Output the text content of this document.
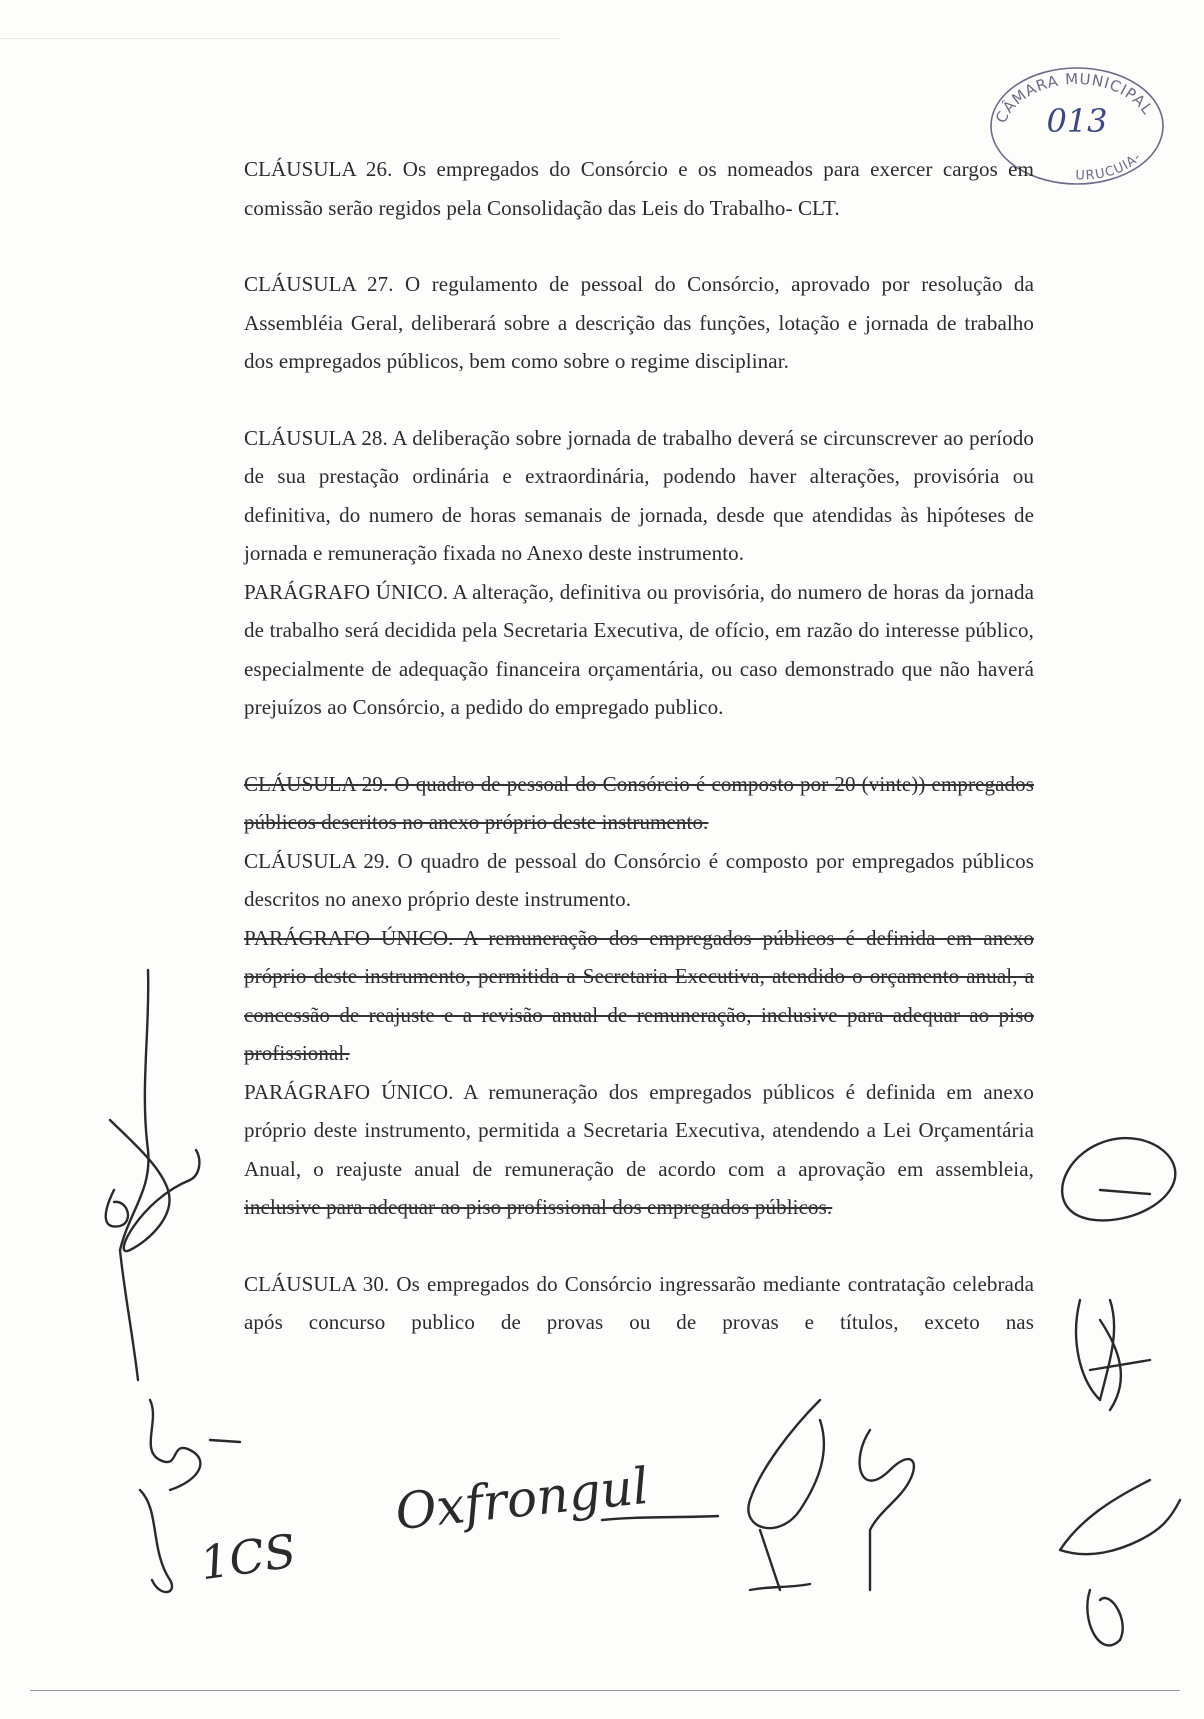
CÂMARA MUNICIPAL
URUCUIA-
013

CLÁUSULA 26. Os empregados do Consórcio e os nomeados para exercer cargos em comissão serão regidos pela Consolidação das Leis do Trabalho- CLT.

CLÁUSULA 27. O regulamento de pessoal do Consórcio, aprovado por resolução da Assembléia Geral, deliberará sobre a descrição das funções, lotação e jornada de trabalho dos empregados públicos, bem como sobre o regime disciplinar.

CLÁUSULA 28. A deliberação sobre jornada de trabalho deverá se circunscrever ao período de sua prestação ordinária e extraordinária, podendo haver alterações, provisória ou definitiva, do numero de horas semanais de jornada, desde que atendidas às hipóteses de jornada e remuneração fixada no Anexo deste instrumento.

PARÁGRAFO ÚNICO. A alteração, definitiva ou provisória, do numero de horas da jornada de trabalho será decidida pela Secretaria Executiva, de ofício, em razão do interesse público, especialmente de adequação financeira orçamentária, ou caso demonstrado que não haverá prejuízos ao Consórcio, a pedido do empregado publico.

CLÁUSULA 29. O quadro de pessoal do Consórcio é composto por 20 (vinte)) empregados públicos descritos no anexo próprio deste instrumento.

CLÁUSULA 29. O quadro de pessoal do Consórcio é composto por empregados públicos descritos no anexo próprio deste instrumento.

PARÁGRAFO ÚNICO. A remuneração dos empregados públicos é definida em anexo próprio deste instrumento, permitida a Secretaria Executiva, atendido o orçamento anual, a concessão de reajuste e a revisão anual de remuneração, inclusive para adequar ao piso profissional.

PARÁGRAFO ÚNICO. A remuneração dos empregados públicos é definida em anexo próprio deste instrumento, permitida a Secretaria Executiva, atendendo a Lei Orçamentária Anual, o reajuste anual de remuneração de acordo com a aprovação em assembleia, inclusive para adequar ao piso profissional dos empregados públicos.

CLÁUSULA 30. Os empregados do Consórcio ingressarão mediante contratação celebrada após concurso publico de provas ou de provas e títulos, exceto nas

1CS
Oxfrongul
